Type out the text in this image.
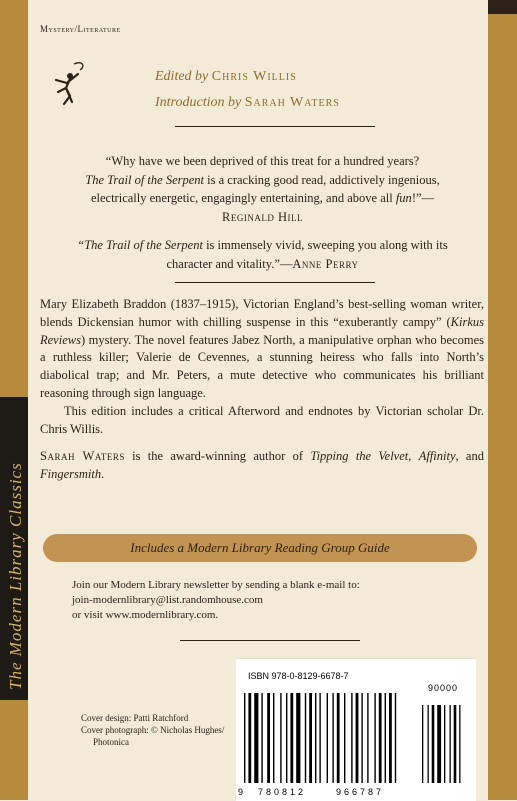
The Modern Library Classics
Mystery/Literature
Edited by Chris Willis
Introduction by Sarah Waters

“Why have we been deprived of this treat for a hundred years?
The Trail of the Serpent is a cracking good read, addictively ingenious, electrically energetic, engagingly entertaining, and above all fun!”—Reginald Hill

“The Trail of the Serpent is immensely vivid, sweeping you along with its character and vitality.”—Anne Perry

Mary Elizabeth Braddon (1837–1915), Victorian England’s best-selling woman writer, blends Dickensian humor with chilling suspense in this “exuberantly campy” (Kirkus Reviews) mystery. The novel features Jabez North, a manipulative orphan who becomes a ruthless killer; Valerie de Cevennes, a stunning heiress who falls into North’s diabolical trap; and Mr. Peters, a mute detective who communicates his brilliant reasoning through sign language.

This edition includes a critical Afterword and endnotes by Victorian scholar Dr. Chris Willis.

Sarah Waters is the award-winning author of Tipping the Velvet, Affinity, and Fingersmith.

Includes a Modern Library Reading Group Guide
Join our Modern Library newsletter by sending a blank e-mail to:
join-modernlibrary@list.randomhouse.com
or visit www.modernlibrary.com.
Cover design: Patti Ratchford
Cover photograph: © Nicholas Hughes/
Photonica
ISBN 978-0-8129-6678-7
9 780812	966787
90000
